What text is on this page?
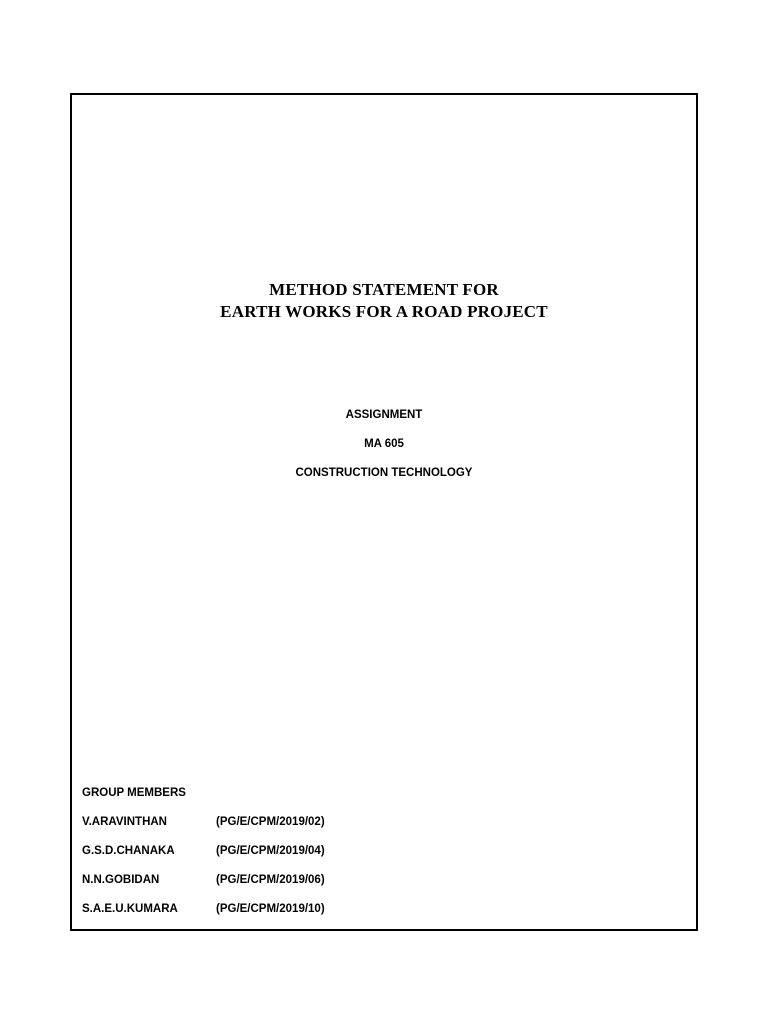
METHOD STATEMENT FOR
EARTH WORKS FOR A ROAD PROJECT
ASSIGNMENT
MA 605
CONSTRUCTION TECHNOLOGY
GROUP MEMBERS
V.ARAVINTHAN	(PG/E/CPM/2019/02)
G.S.D.CHANAKA	(PG/E/CPM/2019/04)
N.N.GOBIDAN	(PG/E/CPM/2019/06)
S.A.E.U.KUMARA	(PG/E/CPM/2019/10)
